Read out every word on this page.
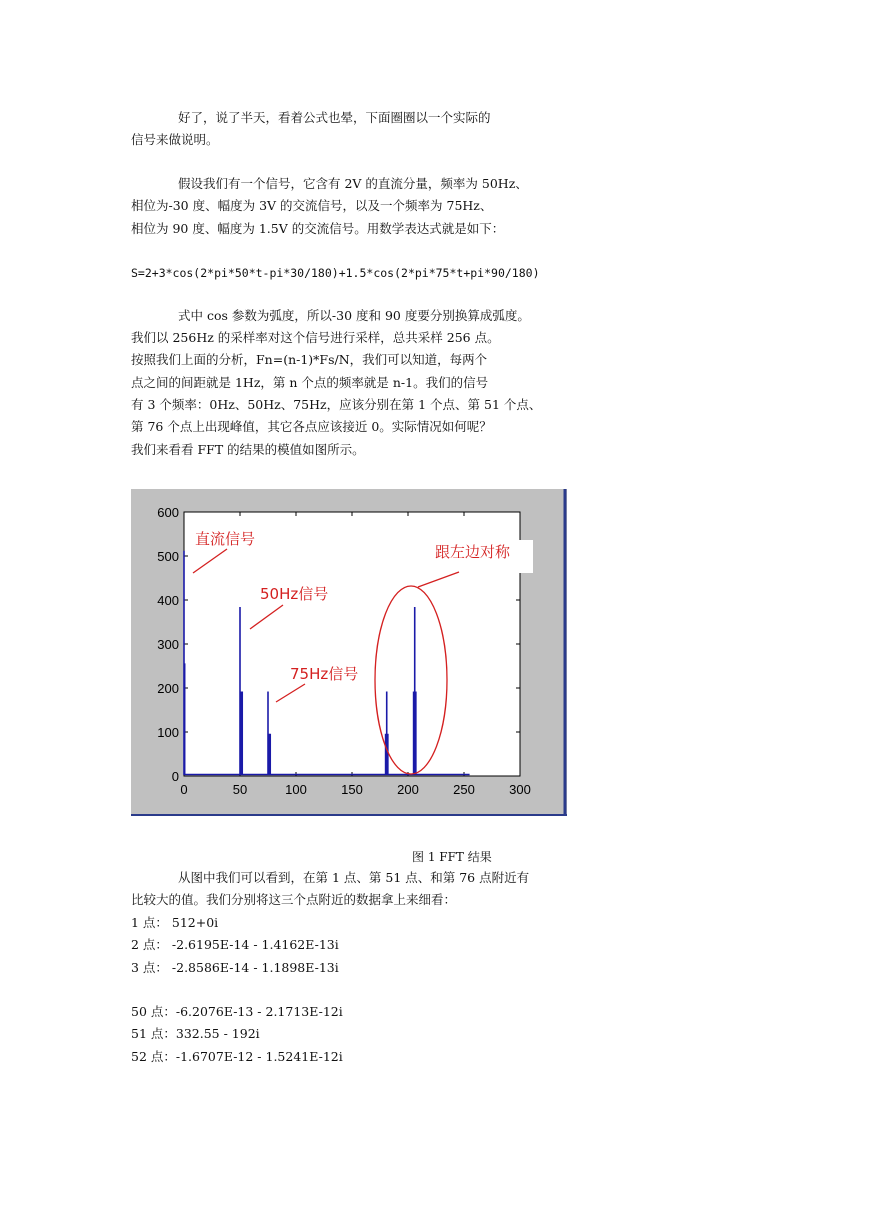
好了，说了半天，看着公式也晕，下面圈圈以一个实际的
信号来做说明。
假设我们有一个信号，它含有 2V 的直流分量，频率为 50Hz、
相位为-30 度、幅度为 3V 的交流信号，以及一个频率为 75Hz、
相位为 90 度、幅度为 1.5V 的交流信号。用数学表达式就是如下：
S=2+3*cos(2*pi*50*t-pi*30/180)+1.5*cos(2*pi*75*t+pi*90/180)
式中 cos 参数为弧度，所以-30 度和 90 度要分别换算成弧度。
我们以 256Hz 的采样率对这个信号进行采样，总共采样 256 点。
按照我们上面的分析，Fn=(n-1)*Fs/N，我们可以知道，每两个
点之间的间距就是 1Hz，第 n 个点的频率就是 n-1。我们的信号
有 3 个频率：0Hz、50Hz、75Hz，应该分别在第 1 个点、第 51 个点、
第 76 个点上出现峰值，其它各点应该接近 0。实际情况如何呢？
我们来看看 FFT 的结果的模值如图所示。
从图中我们可以看到，在第 1 点、第 51 点、和第 76 点附近有
比较大的值。我们分别将这三个点附近的数据拿上来细看：
1 点： 512+0i
2 点： -2.6195E-14 - 1.4162E-13i
3 点： -2.8586E-14 - 1.1898E-13i
50 点：-6.2076E-13 - 2.1713E-12i
51 点：332.55 - 192i
52 点：-1.6707E-12 - 1.5241E-12i
0	50	100	150	200	250	300
0
100
200
300
400
500
600
直流信号
50Hz信号
75Hz信号
跟左边对称
图 1 FFT 结果
